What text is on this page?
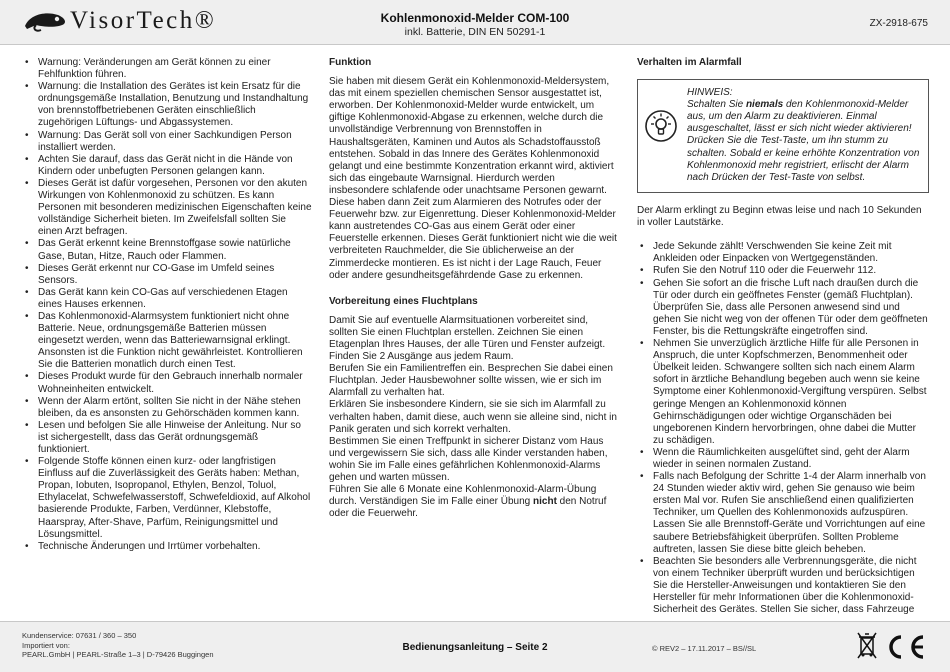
VisorTech®	Kohlenmonoxid-Melder COM-100
inkl. Batterie, DIN EN 50291-1
ZX-2918-675
• Warnung: Veränderungen am Gerät können zu einer Fehlfunktion führen.
• Warnung: die Installation des Gerätes ist kein Ersatz für die ordnungsgemäße Installation, Benutzung und Instandhaltung von brennstoffbetriebenen Geräten einschließlich zugehörigen Lüftungs- und Abgassystemen.
• Warnung: Das Gerät soll von einer Sachkundigen Person installiert werden.
• Achten Sie darauf, dass das Gerät nicht in die Hände von Kindern oder unbefugten Personen gelangen kann.
• Dieses Gerät ist dafür vorgesehen, Personen vor den akuten Wirkungen von Kohlenmonoxid zu schützen. Es kann Personen mit besonderen medizinischen Eigenschaften keine vollständige Sicherheit bieten. Im Zweifelsfall sollten Sie einen Arzt befragen.
• Das Gerät erkennt keine Brennstoffgase sowie natürliche Gase, Butan, Hitze, Rauch oder Flammen.
• Dieses Gerät erkennt nur CO-Gase im Umfeld seines Sensors.
• Das Gerät kann kein CO-Gas auf verschiedenen Etagen eines Hauses erkennen.
• Das Kohlenmonoxid-Alarmsystem funktioniert nicht ohne Batterie. Neue, ordnungsgemäße Batterien müssen eingesetzt werden, wenn das Batteriewarnsignal erklingt. Ansonsten ist die Funktion nicht gewährleistet. Kontrollieren Sie die Batterien monatlich durch einen Test.
• Dieses Produkt wurde für den Gebrauch innerhalb normaler Wohneinheiten entwickelt.
• Wenn der Alarm ertönt, sollten Sie nicht in der Nähe stehen bleiben, da es ansonsten zu Gehörschäden kommen kann.
• Lesen und befolgen Sie alle Hinweise der Anleitung. Nur so ist sichergestellt, dass das Gerät ordnungsgemäß funktioniert.
• Folgende Stoffe können einen kurz- oder langfristigen Einfluss auf die Zuverlässigkeit des Geräts haben: Methan, Propan, Iobuten, Isopropanol, Ethylen, Benzol, Toluol, Ethylacelat, Schwefelwasserstoff, Schwefeldioxid, auf Alkohol basierende Produkte, Farben, Verdünner, Klebstoffe, Haarspray, After-Shave, Parfüm, Reinigungsmittel und Lösungsmittel.
• Technische Änderungen und Irrtümer vorbehalten.
Funktion

Sie haben mit diesem Gerät ein Kohlenmonoxid-Meldersystem, das mit einem speziellen chemischen Sensor ausgestattet ist, erworben. Der Kohlenmonoxid-Melder wurde entwickelt, um giftige Kohlenmonoxid-Abgase zu erkennen, welche durch die unvollständige Verbrennung von Brennstoffen in Haushaltsgeräten, Kaminen und Autos als Schadstoffausstoß entstehen. Sobald in das Innere des Gerätes Kohlenmonoxid gelangt und eine bestimmte Konzentration erkannt wird, aktiviert sich das eingebaute Warnsignal. Hierdurch werden insbesondere schlafende oder unachtsame Personen gewarnt. Diese haben dann Zeit zum Alarmieren des Notrufes oder der Feuerwehr bzw. zur Eigenrettung. Dieser Kohlenmonoxid-Melder kann austretendes CO-Gas aus einem Gerät oder einer Feuerstelle erkennen. Dieses Gerät funktioniert nicht wie die weit verbreiteten Rauchmelder, die Sie üblicherweise an der Zimmerdecke montieren. Es ist nicht i der Lage Rauch, Feuer oder andere gesundheitsgefährdende Gase zu erkennen.

Vorbereitung eines Fluchtplans

Damit Sie auf eventuelle Alarmsituationen vorbereitet sind, sollten Sie einen Fluchtplan erstellen. Zeichnen Sie einen Etagenplan Ihres Hauses, der alle Türen und Fenster aufzeigt. Finden Sie 2 Ausgänge aus jedem Raum.

Berufen Sie ein Familientreffen ein. Besprechen Sie dabei einen Fluchtplan. Jeder Hausbewohner sollte wissen, wie er sich im Alarmfall zu verhalten hat.

Erklären Sie insbesondere Kindern, sie sie sich im Alarmfall zu verhalten haben, damit diese, auch wenn sie alleine sind, nicht in Panik geraten und sich korrekt verhalten.

Bestimmen Sie einen Treffpunkt in sicherer Distanz vom Haus und vergewissern Sie sich, dass alle Kinder verstanden haben, wohin Sie im Falle eines gefährlichen Kohlenmonoxid-Alarms gehen und warten müssen.

Führen Sie alle 6 Monate eine Kohlenmonoxid-Alarm-Übung durch. Verständigen Sie im Falle einer Übung nicht den Notruf oder die Feuerwehr.

Verhalten im Alarmfall
HINWEIS:
Schalten Sie niemals den Kohlenmonoxid-Melder aus, um den Alarm zu deaktivieren. Einmal ausgeschaltet, lässt er sich nicht wieder aktivieren! Drücken Sie die Test-Taste, um ihn stumm zu schalten. Sobald er keine erhöhte Konzentration von Kohlenmonoxid mehr registriert, erlischt der Alarm nach Drücken der Test-Taste von selbst.

Der Alarm erklingt zu Beginn etwas leise und nach 10 Sekunden in voller Lautstärke.

• Jede Sekunde zählt! Verschwenden Sie keine Zeit mit Ankleiden oder Einpacken von Wertgegenständen.
• Rufen Sie den Notruf 110 oder die Feuerwehr 112.
• Gehen Sie sofort an die frische Luft nach draußen durch die Tür oder durch ein geöffnetes Fenster (gemäß Fluchtplan). Überprüfen Sie, dass alle Personen anwesend sind und gehen Sie nicht weg von der offenen Tür oder dem geöffneten Fenster, bis die Rettungskräfte eingetroffen sind.
• Nehmen Sie unverzüglich ärztliche Hilfe für alle Personen in Anspruch, die unter Kopfschmerzen, Benommenheit oder Übelkeit leiden. Schwangere sollten sich nach einem Alarm sofort in ärztliche Behandlung begeben auch wenn sie keine Symptome einer Kohlenmonoxid-Vergiftung verspüren. Selbst geringe Mengen an Kohlenmonoxid können Gehirnschädigungen oder wichtige Organschäden bei ungeborenen Kindern hervorbringen, ohne dabei die Mutter zu schädigen.
• Wenn die Räumlichkeiten ausgelüftet sind, geht der Alarm wieder in seinen normalen Zustand.
• Falls nach Befolgung der Schritte 1-4 der Alarm innerhalb von 24 Stunden wieder aktiv wird, gehen Sie genauso wie beim ersten Mal vor. Rufen Sie anschließend einen qualifizierten Techniker, um Quellen des Kohlenmonoxids aufzuspüren. Lassen Sie alle Brennstoff-Geräte und Vorrichtungen auf eine saubere Betriebsfähigkeit überprüfen. Sollten Probleme auftreten, lassen Sie diese bitte gleich beheben.
• Beachten Sie besonders alle Verbrennungsgeräte, die nicht von einem Techniker überprüft wurden und berücksichtigen Sie die Hersteller-Anweisungen und kontaktieren Sie den Hersteller für mehr Informationen über die Kohlenmonoxid-Sicherheit des Gerätes. Stellen Sie sicher, dass Fahrzeuge
Kundenservice: 07631 / 360 – 350
Importiert von:
PEARL.GmbH | PEARL-Straße 1–3 | D-79426 Buggingen
Bedienungsanleitung – Seite 2	© REV2 – 17.11.2017 – BS//SL
